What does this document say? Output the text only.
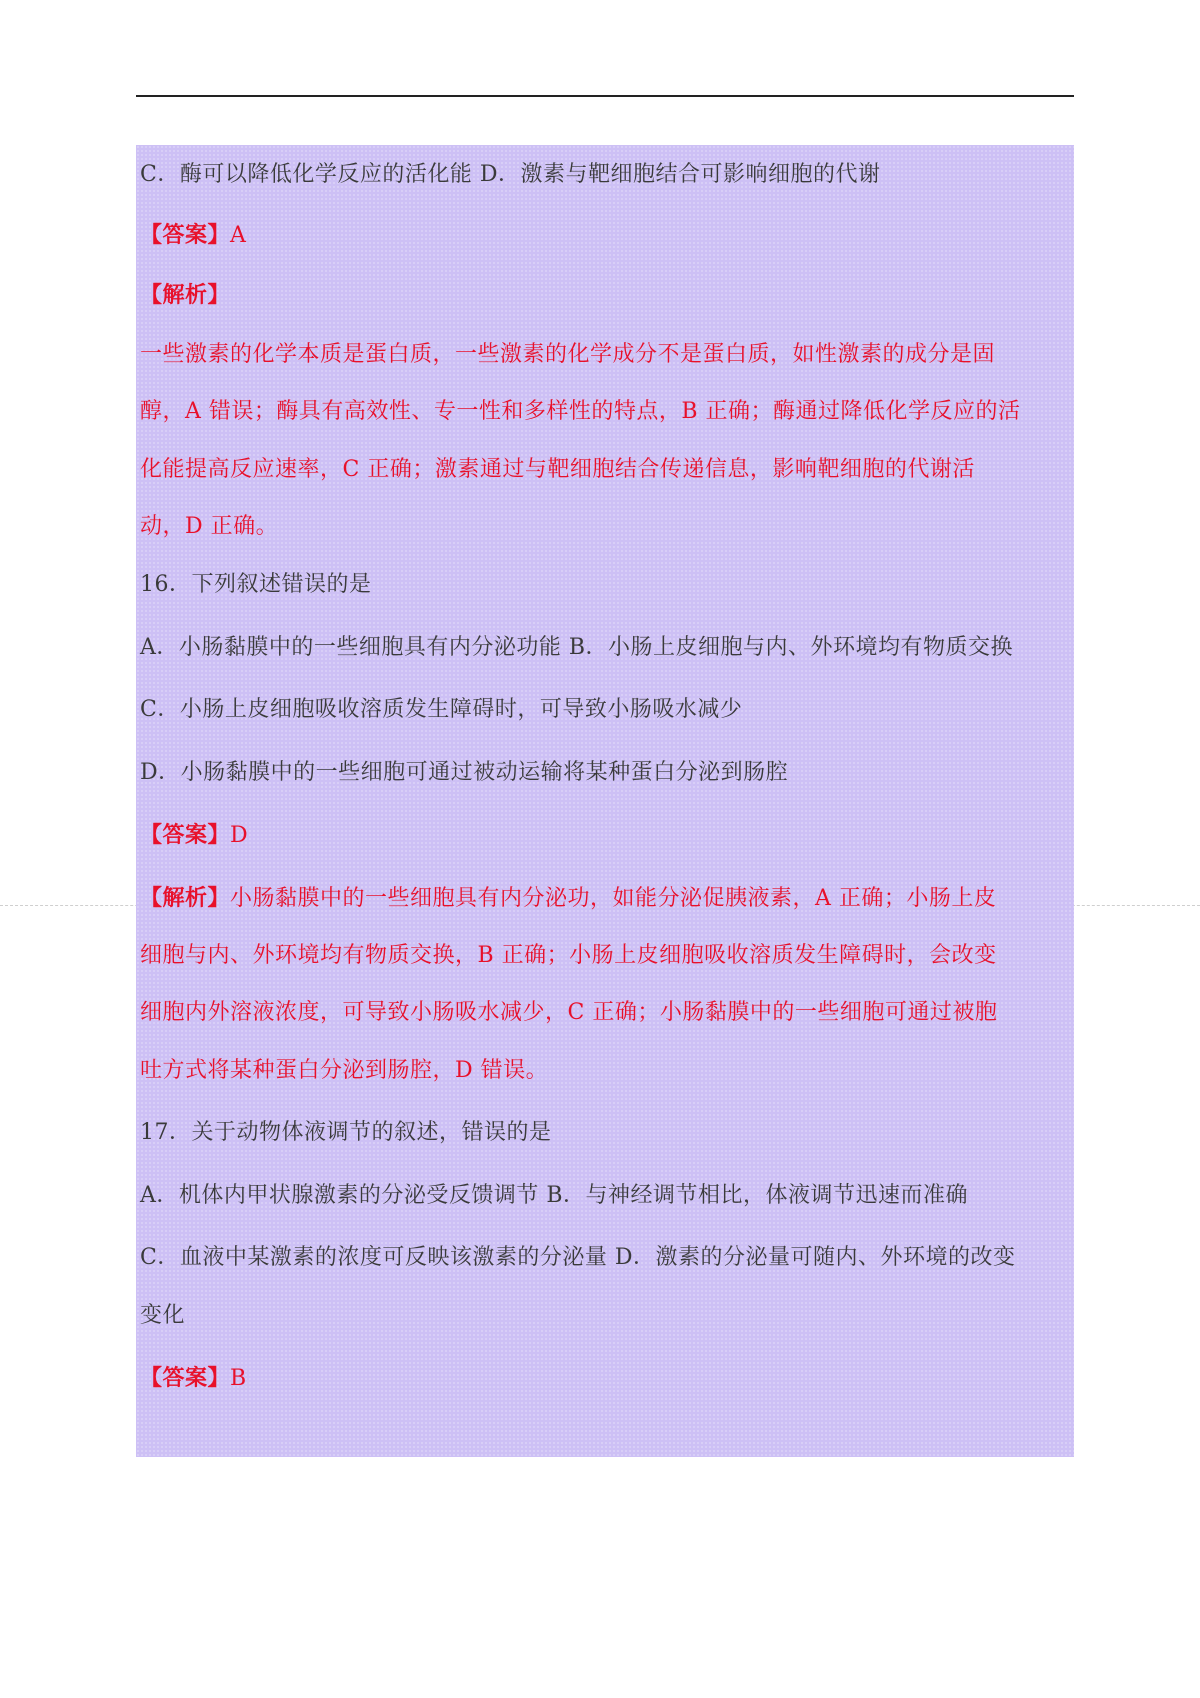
C．酶可以降低化学反应的活化能 D．激素与靶细胞结合可影响细胞的代谢
【答案】A
【解析】
一些激素的化学本质是蛋白质，一些激素的化学成分不是蛋白质，如性激素的成分是固
醇，A 错误；酶具有高效性、专一性和多样性的特点，B 正确；酶通过降低化学反应的活
化能提高反应速率，C 正确；激素通过与靶细胞结合传递信息，影响靶细胞的代谢活
动，D 正确。
16．下列叙述错误的是
A．小肠黏膜中的一些细胞具有内分泌功能 B．小肠上皮细胞与内、外环境均有物质交换
C．小肠上皮细胞吸收溶质发生障碍时，可导致小肠吸水减少
D．小肠黏膜中的一些细胞可通过被动运输将某种蛋白分泌到肠腔
【答案】D
【解析】小肠黏膜中的一些细胞具有内分泌功，如能分泌促胰液素，A 正确；小肠上皮
细胞与内、外环境均有物质交换，B 正确；小肠上皮细胞吸收溶质发生障碍时，会改变
细胞内外溶液浓度，可导致小肠吸水减少，C 正确；小肠黏膜中的一些细胞可通过被胞
吐方式将某种蛋白分泌到肠腔，D 错误。
17．关于动物体液调节的叙述，错误的是
A．机体内甲状腺激素的分泌受反馈调节 B．与神经调节相比，体液调节迅速而准确
C．血液中某激素的浓度可反映该激素的分泌量 D．激素的分泌量可随内、外环境的改变
变化
【答案】B
